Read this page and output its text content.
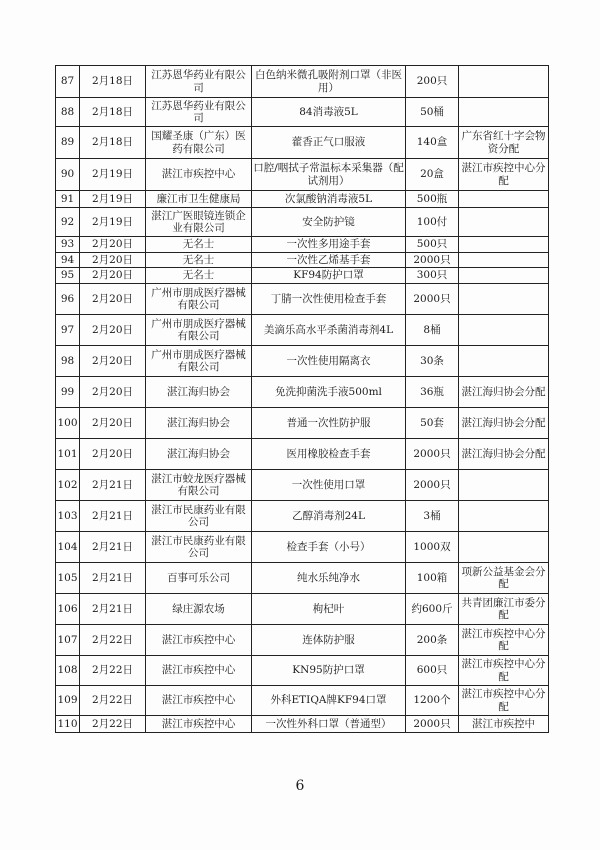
87	2月18日	江苏恩华药业有限公司	白色纳米微孔吸附剂口罩（非医用）	200只	
88	2月18日	江苏恩华药业有限公司	84消毒液5L	50桶	
89	2月18日	国耀圣康（广东）医药有限公司	藿香正气口服液	140盒	广东省红十字会物资分配
90	2月19日	湛江市疾控中心	口腔/咽拭子常温标本采集器（配试剂用）	20盒	湛江市疾控中心分配
91	2月19日	廉江市卫生健康局	次氯酸钠消毒液5L	500瓶	
92	2月19日	湛江广医眼镜连锁企业有限公司	安全防护镜	100付	
93	2月20日	无名士	一次性多用途手套	500只	
94	2月20日	无名士	一次性乙烯基手套	2000只	
95	2月20日	无名士	KF94防护口罩	300只	
96	2月20日	广州市朋成医疗器械有限公司	丁腈一次性使用检查手套	2000只	
97	2月20日	广州市朋成医疗器械有限公司	美滴乐高水平杀菌消毒剂4L	8桶	
98	2月20日	广州市朋成医疗器械有限公司	一次性使用隔离衣	30条	
99	2月20日	湛江海归协会	免洗抑菌洗手液500ml	36瓶	湛江海归协会分配
100	2月20日	湛江海归协会	普通一次性防护服	50套	湛江海归协会分配
101	2月20日	湛江海归协会	医用橡胶检查手套	2000只	湛江海归协会分配
102	2月21日	湛江市蛟龙医疗器械有限公司	一次性使用口罩	2000只	
103	2月21日	湛江市民康药业有限公司	乙醇消毒剂24L	3桶	
104	2月21日	湛江市民康药业有限公司	检查手套（小号）	1000双	
105	2月21日	百事可乐公司	纯水乐纯净水	100箱	项新公益基金会分配
106	2月21日	绿庄源农场	枸杞叶	约600斤	共青团廉江市委分配
107	2月22日	湛江市疾控中心	连体防护服	200条	湛江市疾控中心分配
108	2月22日	湛江市疾控中心	KN95防护口罩	600只	湛江市疾控中心分配
109	2月22日	湛江市疾控中心	外科ETIQA牌KF94口罩	1200个	湛江市疾控中心分配
110	2月22日	湛江市疾控中心	一次性外科口罩（普通型）	2000只	湛江市疾控中
6
